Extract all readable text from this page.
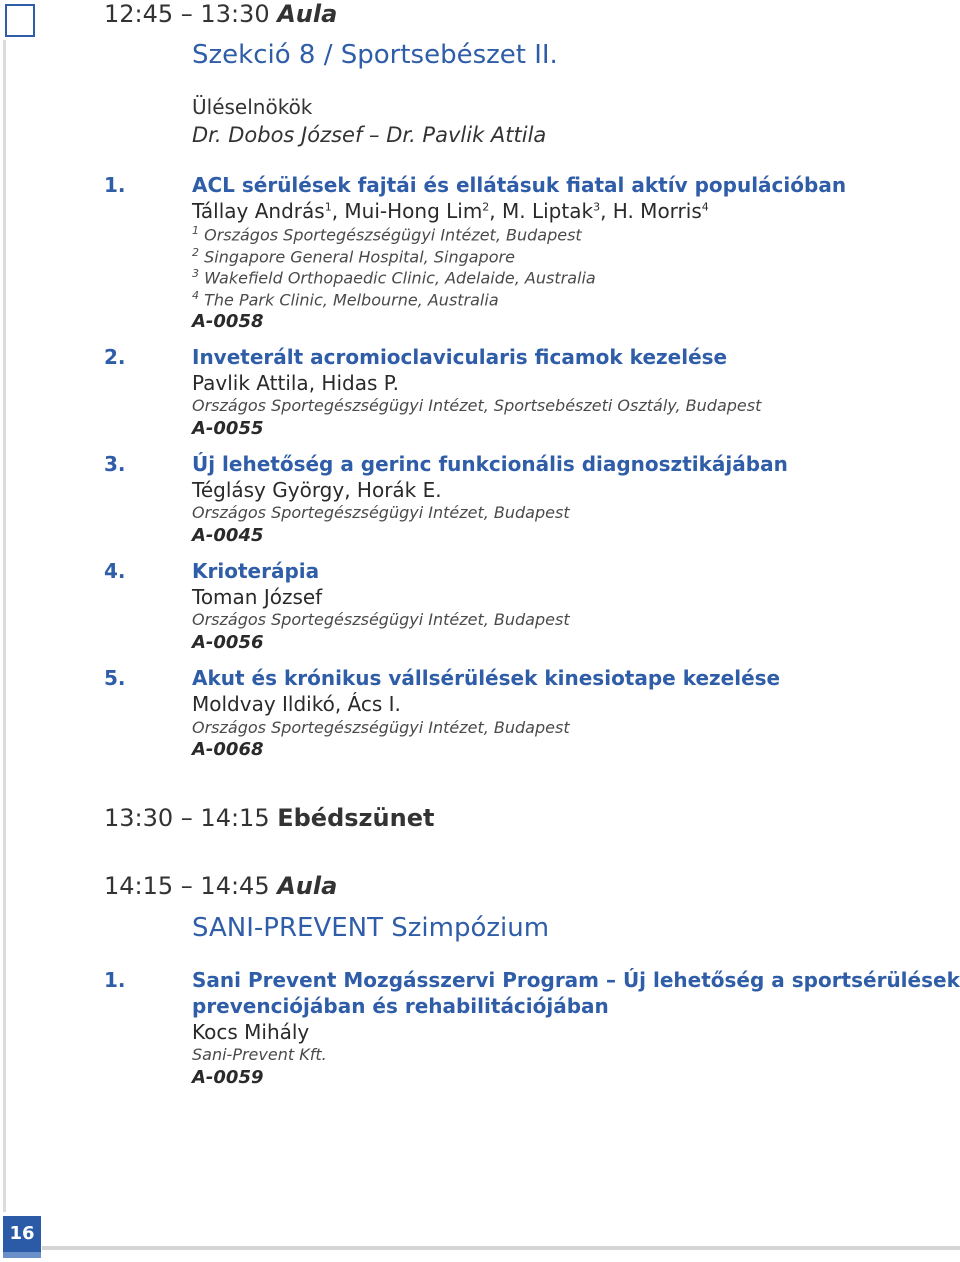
12:45 – 13:30 Aula
Szekció 8 / Sportsebészet II.
Üléselnökök
Dr. Dobos József – Dr. Pavlik Attila
1.	ACL sérülések fajtái és ellátásuk fiatal aktív populációban
Tállay András$^1$, Mui-Hong Lim$^2$, M. Liptak$^3$, H. Morris$^4$
$^1$ Országos Sportegészségügyi Intézet, Budapest
$^2$ Singapore General Hospital, Singapore
$^3$ Wakefield Orthopaedic Clinic, Adelaide, Australia
$^4$ The Park Clinic, Melbourne, Australia
A-0058
2.	Inveterált acromioclavicularis ficamok kezelése
Pavlik Attila, Hidas P.
Országos Sportegészségügyi Intézet, Sportsebészeti Osztály, Budapest
A-0055
3.	Új lehetőség a gerinc funkcionális diagnosztikájában
Téglásy György, Horák E.
Országos Sportegészségügyi Intézet, Budapest
A-0045
4.	Krioterápia
Toman József
Országos Sportegészségügyi Intézet, Budapest
A-0056
5.	Akut és krónikus vállsérülések kinesiotape kezelése
Moldvay Ildikó, Ács I.
Országos Sportegészségügyi Intézet, Budapest
A-0068
13:30 – 14:15 Ebédszünet
14:15 – 14:45 Aula
SANI-PREVENT Szimpózium
1.	Sani Prevent Mozgásszervi Program – Új lehetőség a sportsérülések
prevenciójában és rehabilitációjában
Kocs Mihály
Sani-Prevent Kft.
A-0059
16
